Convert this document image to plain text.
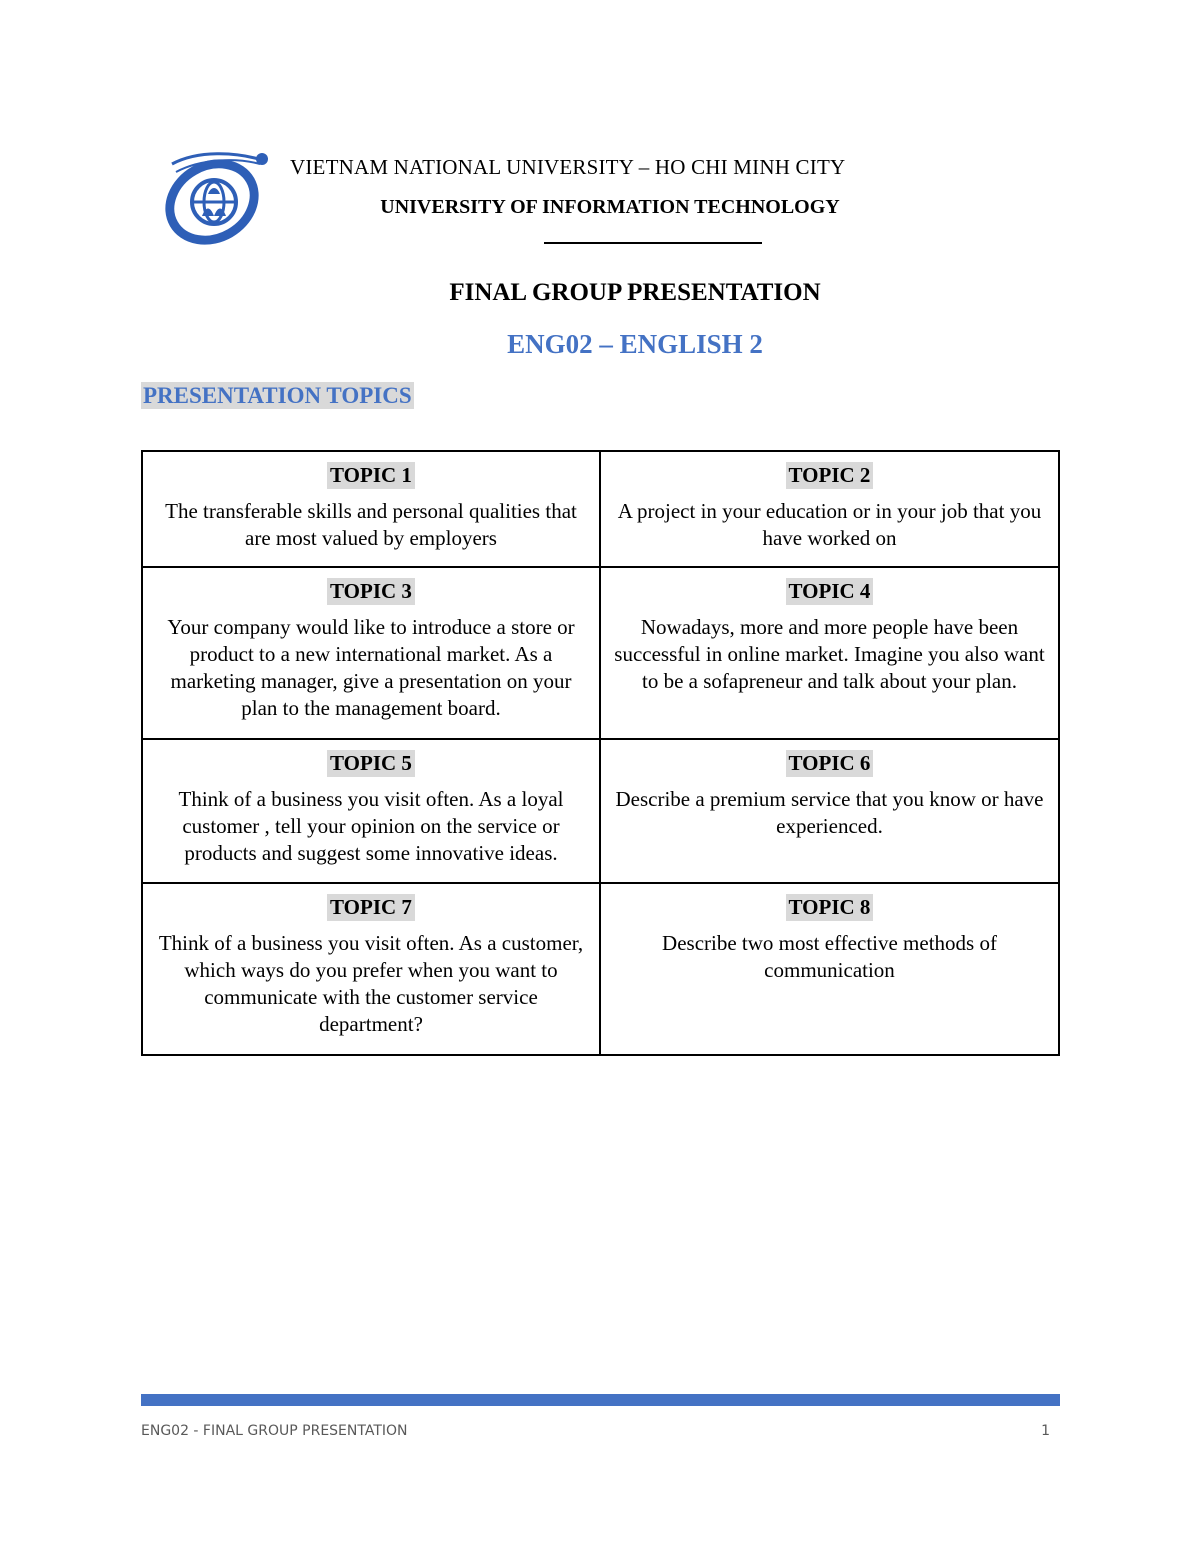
VIETNAM NATIONAL UNIVERSITY – HO CHI MINH CITY
UNIVERSITY OF INFORMATION TECHNOLOGY
FINAL GROUP PRESENTATION
ENG02 – ENGLISH 2
PRESENTATION TOPICS
TOPIC 1
The transferable skills and personal qualities that are most valued by employers
TOPIC 2
A project in your education or in your job that you have worked on
TOPIC 3
Your company would like to introduce a store or product to a new international market. As a marketing manager, give a presentation on your plan to the management board.
TOPIC 4
Nowadays, more and more people have been successful in online market. Imagine you also want to be a sofapreneur and talk about your plan.
TOPIC 5
Think of a business you visit often. As a loyal customer , tell your opinion on the service or products and suggest some innovative ideas.
TOPIC 6
Describe a premium service that you know or have experienced.
TOPIC 7
Think of a business you visit often. As a customer, which ways do you prefer when you want to communicate with the customer service department?
TOPIC 8
Describe two most effective methods of communication
ENG02 - FINAL GROUP PRESENTATION	1
